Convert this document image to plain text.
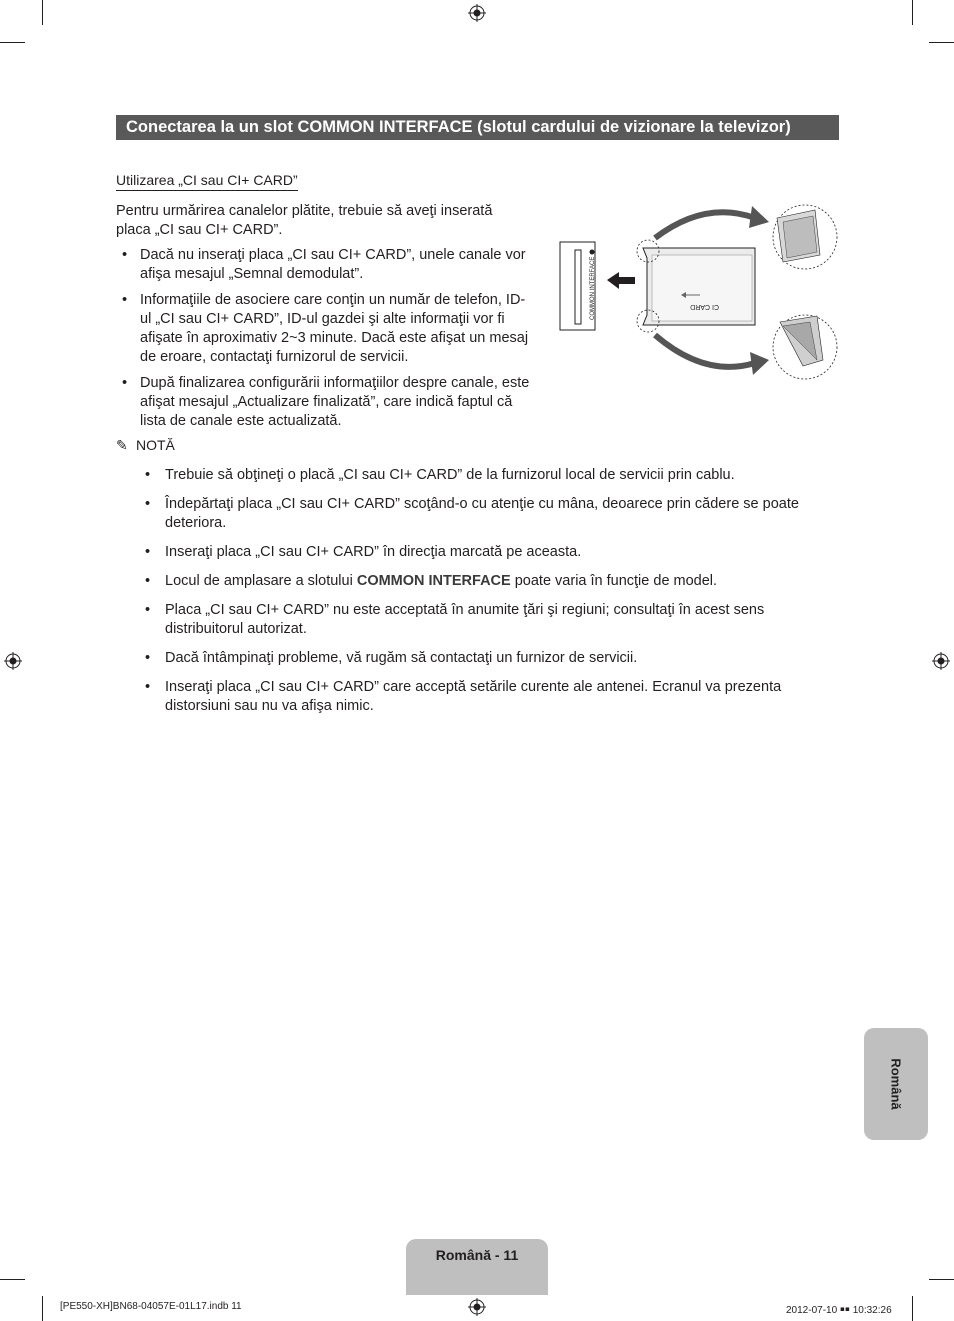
Conectarea la un slot COMMON INTERFACE (slotul cardului de vizionare la televizor)
Utilizarea „CI sau CI+ CARD”
Pentru urmărirea canalelor plătite, trebuie să aveţi inserată placa „CI sau CI+ CARD”.
• Dacă nu inseraţi placa „CI sau CI+ CARD”, unele canale vor afişa mesajul „Semnal demodulat”.
• Informaţiile de asociere care conţin un număr de telefon, ID-ul „CI sau CI+ CARD”, ID-ul gazdei şi alte informaţii vor fi afişate în aproximativ 2~3 minute. Dacă este afişat un mesaj de eroare, contactaţi furnizorul de servicii.
• După finalizarea configurării informaţiilor despre canale, este afişat mesajul „Actualizare finalizată”, care indică faptul că lista de canale este actualizată.
COMMON INTERFACE	CI CARD
✎ NOTĂ
• Trebuie să obţineţi o placă „CI sau CI+ CARD” de la furnizorul local de servicii prin cablu.
• Îndepărtaţi placa „CI sau CI+ CARD” scoţând-o cu atenţie cu mâna, deoarece prin cădere se poate deteriora.
• Inseraţi placa „CI sau CI+ CARD” în direcţia marcată pe aceasta.
• Locul de amplasare a slotului COMMON INTERFACE poate varia în funcţie de model.
• Placa „CI sau CI+ CARD” nu este acceptată în anumite ţări şi regiuni; consultaţi în acest sens distribuitorul autorizat.
• Dacă întâmpinaţi probleme, vă rugăm să contactaţi un furnizor de servicii.
• Inseraţi placa „CI sau CI+ CARD” care acceptă setările curente ale antenei. Ecranul va prezenta distorsiuni sau nu va afişa nimic.
Română
Română - 11
[PE550-XH]BN68-04057E-01L17.indb 11	2012-07-10 ￭￭ 10:32:26
